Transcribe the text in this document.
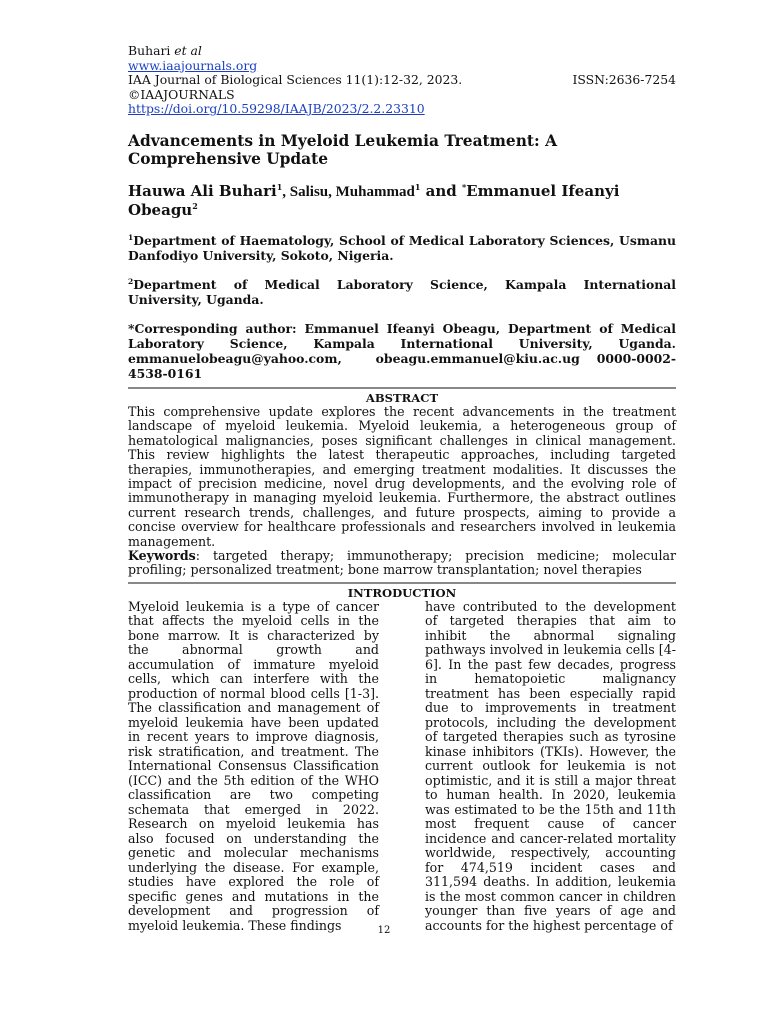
Buhari et al
www.iaajournals.org
IAA Journal of Biological Sciences 11(1):12-32, 2023.	ISSN:2636-7254
©IAAJOURNALS
https://doi.org/10.59298/IAAJB/2023/2.2.23310
Advancements in Myeloid Leukemia Treatment: A Comprehensive Update
Hauwa Ali Buhari$^1$, Salisu, Muhammad$^1$ and *Emmanuel Ifeanyi Obeagu$^2$
$^1$Department of Haematology, School of Medical Laboratory Sciences, Usmanu Danfodiyo University, Sokoto, Nigeria.
$^2$Department of Medical Laboratory Science, Kampala International University, Uganda.
*Corresponding author: Emmanuel Ifeanyi Obeagu, Department of Medical Laboratory Science, Kampala International University, Uganda.
emmanuelobeagu@yahoo.com,  obeagu.emmanuel@kiu.ac.ug 0000-0002-4538-0161
ABSTRACT
This comprehensive update explores the recent advancements in the treatment landscape of myeloid leukemia. Myeloid leukemia, a heterogeneous group of hematological malignancies, poses significant challenges in clinical management. This review highlights the latest therapeutic approaches, including targeted therapies, immunotherapies, and emerging treatment modalities. It discusses the impact of precision medicine, novel drug developments, and the evolving role of immunotherapy in managing myeloid leukemia. Furthermore, the abstract outlines current research trends, challenges, and future prospects, aiming to provide a concise overview for healthcare professionals and researchers involved in leukemia management.
Keywords: targeted therapy; immunotherapy; precision medicine; molecular profiling; personalized treatment; bone marrow transplantation; novel therapies
INTRODUCTION
Myeloid leukemia is a type of cancer that affects the myeloid cells in the bone marrow. It is characterized by the abnormal growth and accumulation of immature myeloid cells, which can interfere with the production of normal blood cells [1-3]. The classification and management of myeloid leukemia have been updated in recent years to improve diagnosis, risk stratification, and treatment. The International Consensus Classification (ICC) and the 5th edition of the WHO classification are two competing schemata that emerged in 2022. Research on myeloid leukemia has also focused on understanding the genetic and molecular mechanisms underlying the disease. For example, studies have explored the role of specific genes and mutations in the development and progression of myeloid leukemia. These findings
have contributed to the development of targeted therapies that aim to inhibit the abnormal signaling pathways involved in leukemia cells [4-6]. In the past few decades, progress in hematopoietic malignancy treatment has been especially rapid due to improvements in treatment protocols, including the development of targeted therapies such as tyrosine kinase inhibitors (TKIs). However, the current outlook for leukemia is not optimistic, and it is still a major threat to human health. In 2020, leukemia was estimated to be the 15th and 11th most frequent cause of cancer incidence and cancer-related mortality worldwide, respectively, accounting for 474,519 incident cases and 311,594 deaths. In addition, leukemia is the most common cancer in children younger than five years of age and accounts for the highest percentage of
12
